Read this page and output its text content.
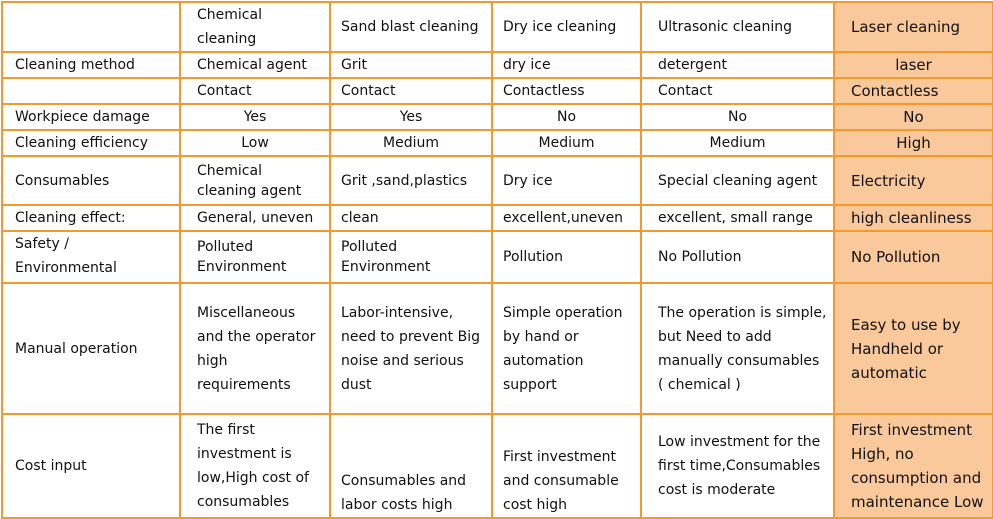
	Chemical cleaning	Sand blast cleaning	Dry ice cleaning	Ultrasonic cleaning	Laser cleaning
Cleaning method	Chemical agent	Grit	dry ice	detergent	laser
	Contact	Contact	Contactless	Contact	Contactless
Workpiece damage	Yes	Yes	No	No	No
Cleaning efficiency	Low	Medium	Medium	Medium	High
Consumables	Chemical cleaning agent	Grit ,sand,plastics	Dry ice	Special cleaning agent	Electricity
Cleaning effect:	General, uneven	clean	excellent,uneven	excellent, small range	high cleanliness
Safety / Environmental	Polluted Environment	Polluted Environment	Pollution	No Pollution	No Pollution
Manual operation	Miscellaneous and the operator high requirements	Labor-intensive, need to prevent Big noise and serious dust	Simple operation by hand or automation support	The operation is simple, but Need to add manually consumables ( chemical )	Easy to use by Handheld or automatic
Cost input	The first investment is low,High cost of consumables	Consumables and labor costs high	First investment and consumable cost high	Low investment for the first time,Consumables cost is moderate	First investment High, no consumption and maintenance Low
